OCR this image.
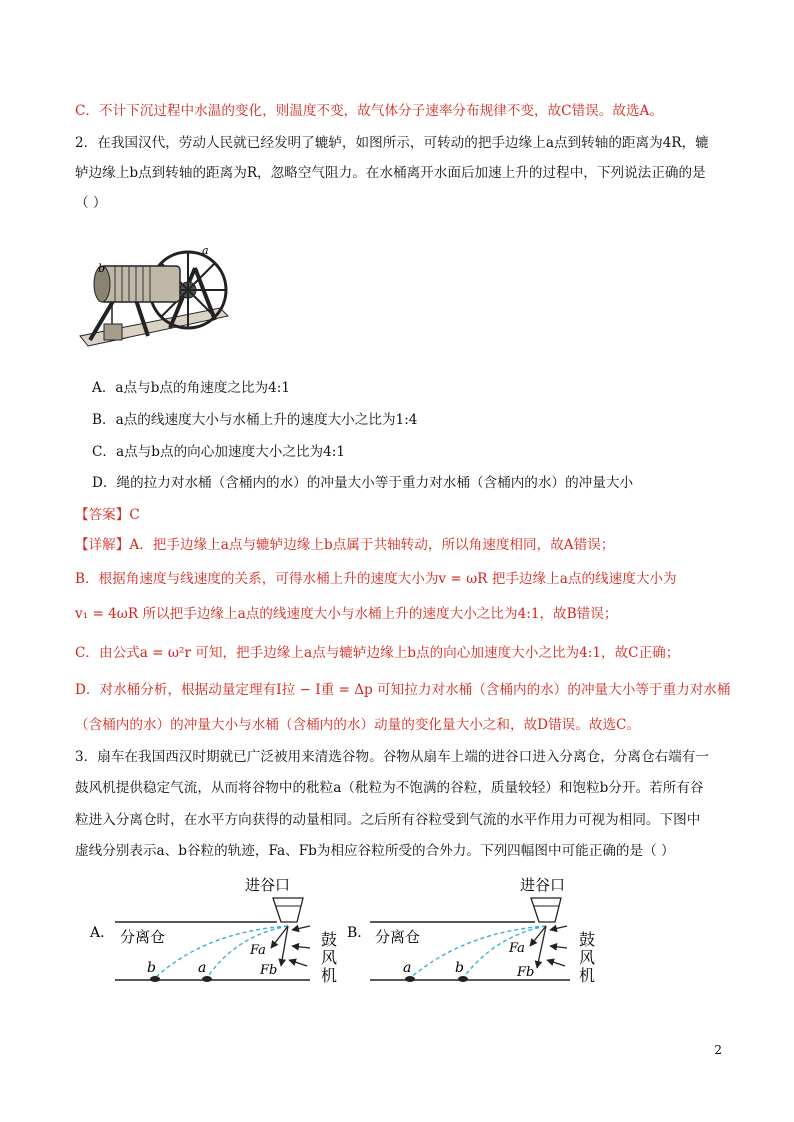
C．不计下沉过程中水温的变化，则温度不变，故气体分子速率分布规律不变，故C错误。故选A。
2．在我国汉代，劳动人民就已经发明了辘轳，如图所示，可转动的把手边缘上a点到转轴的距离为4R，辘
轳边缘上b点到转轴的距离为R，忽略空气阻力。在水桶离开水面后加速上升的过程中，下列说法正确的是
（ ）
b
a
A．a点与b点的角速度之比为4:1
B．a点的线速度大小与水桶上升的速度大小之比为1:4
C．a点与b点的向心加速度大小之比为4:1
D．绳的拉力对水桶（含桶内的水）的冲量大小等于重力对水桶（含桶内的水）的冲量大小
【答案】C
【详解】A．把手边缘上a点与辘轳边缘上b点属于共轴转动，所以角速度相同，故A错误；
B．根据角速度与线速度的关系，可得水桶上升的速度大小为v = ωR 把手边缘上a点的线速度大小为
v₁ = 4ωR 所以把手边缘上a点的线速度大小与水桶上升的速度大小之比为4:1，故B错误；
C．由公式a = ω²r 可知，把手边缘上a点与辘轳边缘上b点的向心加速度大小之比为4:1，故C正确；
D．对水桶分析，根据动量定理有I拉 − I重 = Δp 可知拉力对水桶（含桶内的水）的冲量大小等于重力对水桶
（含桶内的水）的冲量大小与水桶（含桶内的水）动量的变化量大小之和，故D错误。故选C。
3．扇车在我国西汉时期就已广泛被用来清选谷物。谷物从扇车上端的进谷口进入分离仓，分离仓右端有一
鼓风机提供稳定气流，从而将谷物中的秕粒a（秕粒为不饱满的谷粒，质量较轻）和饱粒b分开。若所有谷
粒进入分离仓时，在水平方向获得的动量相同。之后所有谷粒受到气流的水平作用力可视为相同。下图中
虚线分别表示a、b谷粒的轨迹，Fa、Fb为相应谷粒所受的合外力。下列四幅图中可能正确的是（ ）
A.
进谷口
分离仓
b	a
Fa
Fb
鼓
风
机
B.
进谷口
分离仓
a	b
Fa
Fb
鼓
风
机
2
